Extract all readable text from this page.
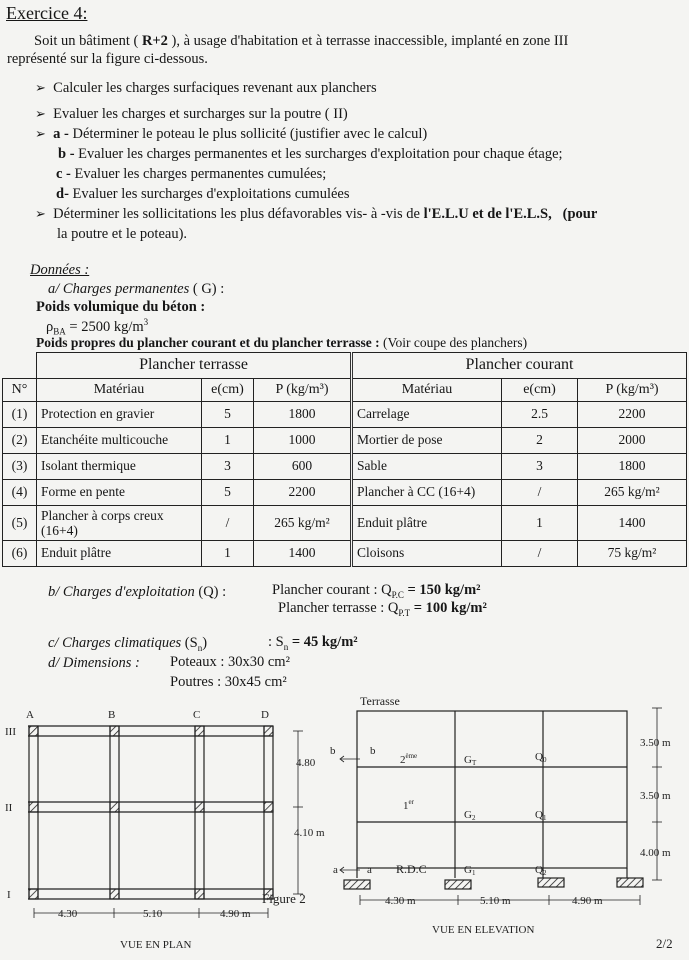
Exercice 4:
Soit un bâtiment ( R+2 ), à usage d'habitation et à terrasse inaccessible, implanté en zone III
représenté sur la figure ci-dessous.
➢ Calculer les charges surfaciques revenant aux planchers
➢ Evaluer les charges et surcharges sur la poutre ( II)
➢ a - Déterminer le poteau le plus sollicité (justifier avec le calcul)
b - Evaluer les charges permanentes et les surcharges d'exploitation pour chaque étage;
c - Evaluer les charges permanentes cumulées;
d- Evaluer les surcharges d'exploitations cumulées
➢ Déterminer les sollicitations les plus défavorables vis- à -vis de l'E.L.U et de l'E.L.S, (pour
la poutre et le poteau).
Données :
a/ Charges permanentes ( G) :
Poids volumique du béton :
$\rho_{BA} = 2500$ $kg/m^3$
Poids propres du plancher courant et du plancher terrasse : (Voir coupe des planchers)
	Plancher terrasse			Plancher courant		
N°	Matériau	e(cm)	P (kg/m³)	Matériau	e(cm)	P (kg/m³)
(1)	Protection en gravier	5	1800	Carrelage	2.5	2200
(2)	Etanchéite multicouche	1	1000	Mortier de pose	2	2000
(3)	Isolant thermique	3	600	Sable	3	1800
(4)	Forme en pente	5	2200	Plancher à CC (16+4)	/	265 kg/m²
(5)	Plancher à corps creux (16+4)	/	265 kg/m²	Enduit plâtre	1	1400
(6)	Enduit plâtre	1	1400	Cloisons	/	75 kg/m²
b/ Charges d'exploitation (Q) :	Plancher courant : $Q_{P.C} = 150$ kg/m²
Plancher terrasse : $Q_{P.T} = 100$ kg/m²
c/ Charges climatiques $(S_n)$	: $S_n = 45$ kg/m²
d/ Dimensions : Poteaux : 30x30 cm²
Poutres : 30x45 cm²
A	B	C	D
III
II
I
4.30	5.10	4.90 m
4.80
4.10 m
Figure 2
VUE EN PLAN
Terrasse
b	b
a	a
2ème
1er
GT	Q0
G2	Q1
G1	Q2
R.D.C
3.50 m
3.50 m
4.00 m
4.30 m	5.10 m	4.90 m
VUE EN ELEVATION
2/2
